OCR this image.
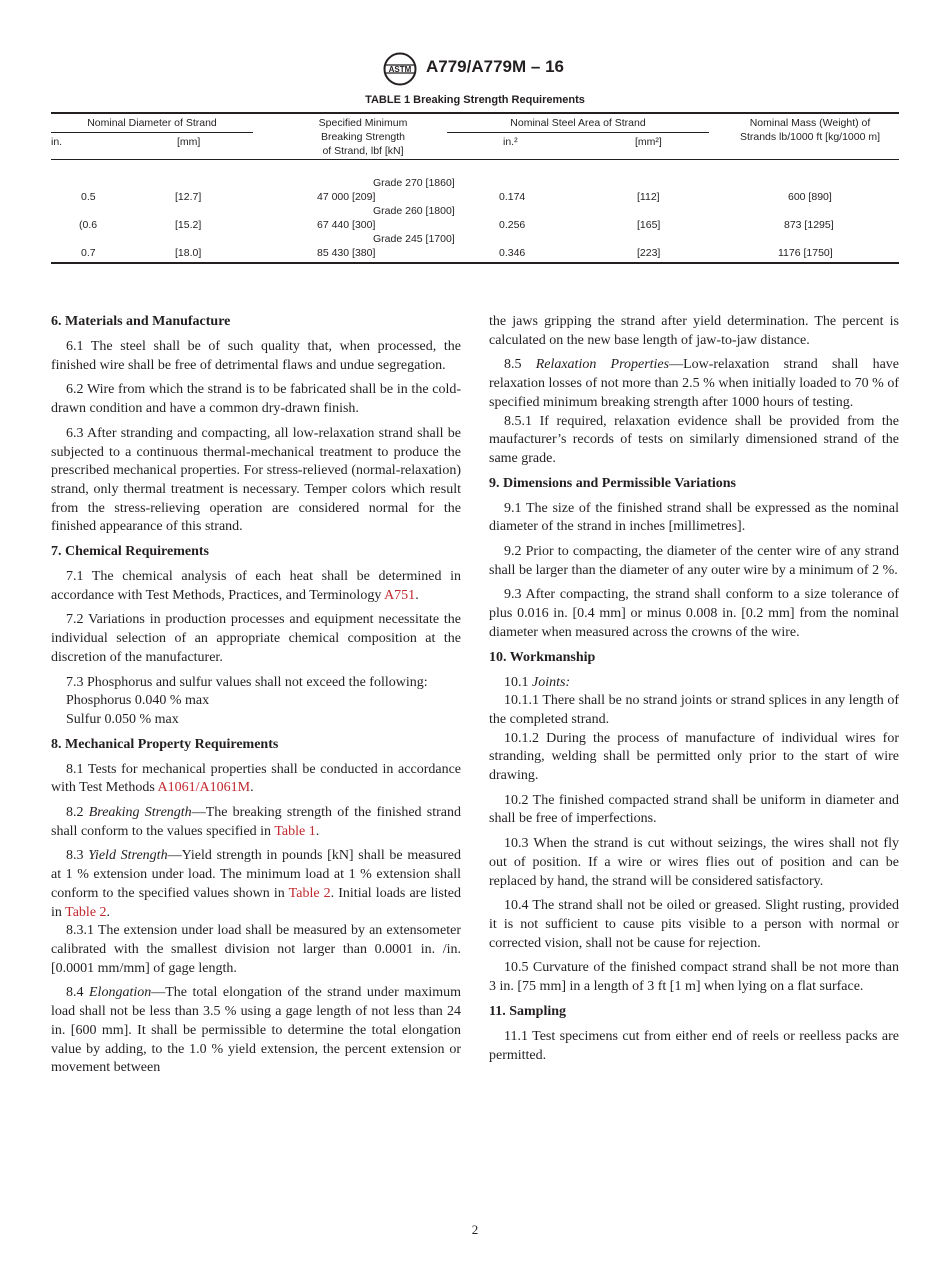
ASTM A779/A779M – 16
TABLE 1 Breaking Strength Requirements
Nominal Diameter of Strand
in.	[mm]
Specified Minimum
Breaking Strength
of Strand, lbf [kN]
Nominal Steel Area of Strand
in.²	[mm²]
Nominal Mass (Weight) of
Strands lb/1000 ft [kg/1000 m]
Grade 270 [1860]
0.5	[12.7]	47 000 [209]	0.174	[112]	600 [890]
Grade 260 [1800]
(0.6	[15.2]	67 440 [300]	0.256	[165]	873 [1295]
Grade 245 [1700]
0.7	[18.0]	85 430 [380]	0.346	[223]	1176 [1750]
6. Materials and Manufacture

6.1 The steel shall be of such quality that, when processed, the finished wire shall be free of detrimental flaws and undue segregation.

6.2 Wire from which the strand is to be fabricated shall be in the cold-drawn condition and have a common dry-drawn finish.

6.3 After stranding and compacting, all low-relaxation strand shall be subjected to a continuous thermal-mechanical treatment to produce the prescribed mechanical properties. For stress-relieved (normal-relaxation) strand, only thermal treatment is necessary. Temper colors which result from the stress-relieving operation are considered normal for the finished appearance of this strand.

7. Chemical Requirements

7.1 The chemical analysis of each heat shall be determined in accordance with Test Methods, Practices, and Terminology A751.

7.2 Variations in production processes and equipment necessitate the individual selection of an appropriate chemical composition at the discretion of the manufacturer.

7.3 Phosphorus and sulfur values shall not exceed the following:

Phosphorus 0.040 % max

Sulfur 0.050 % max

8. Mechanical Property Requirements

8.1 Tests for mechanical properties shall be conducted in accordance with Test Methods A1061/A1061M.

8.2 Breaking Strength—The breaking strength of the finished strand shall conform to the values specified in Table 1.

8.3 Yield Strength—Yield strength in pounds [kN] shall be measured at 1 % extension under load. The minimum load at 1 % extension shall conform to the specified values shown in Table 2. Initial loads are listed in Table 2.

8.3.1 The extension under load shall be measured by an extensometer calibrated with the smallest division not larger than 0.0001 in. /in. [0.0001 mm/mm] of gage length.

8.4 Elongation—The total elongation of the strand under maximum load shall not be less than 3.5 % using a gage length of not less than 24 in. [600 mm]. It shall be permissible to determine the total elongation value by adding, to the 1.0 % yield extension, the percent extension or movement between

the jaws gripping the strand after yield determination. The percent is calculated on the new base length of jaw-to-jaw distance.

8.5 Relaxation Properties—Low-relaxation strand shall have relaxation losses of not more than 2.5 % when initially loaded to 70 % of specified minimum breaking strength after 1000 hours of testing.

8.5.1 If required, relaxation evidence shall be provided from the maufacturer’s records of tests on similarly dimensioned strand of the same grade.

9. Dimensions and Permissible Variations

9.1 The size of the finished strand shall be expressed as the nominal diameter of the strand in inches [millimetres].

9.2 Prior to compacting, the diameter of the center wire of any strand shall be larger than the diameter of any outer wire by a minimum of 2 %.

9.3 After compacting, the strand shall conform to a size tolerance of plus 0.016 in. [0.4 mm] or minus 0.008 in. [0.2 mm] from the nominal diameter when measured across the crowns of the wire.

10. Workmanship

10.1 Joints:

10.1.1 There shall be no strand joints or strand splices in any length of the completed strand.

10.1.2 During the process of manufacture of individual wires for stranding, welding shall be permitted only prior to the start of wire drawing.

10.2 The finished compacted strand shall be uniform in diameter and shall be free of imperfections.

10.3 When the strand is cut without seizings, the wires shall not fly out of position. If a wire or wires flies out of position and can be replaced by hand, the strand will be considered satisfactory.

10.4 The strand shall not be oiled or greased. Slight rusting, provided it is not sufficient to cause pits visible to a person with normal or corrected vision, shall not be cause for rejection.

10.5 Curvature of the finished compact strand shall be not more than 3 in. [75 mm] in a length of 3 ft [1 m] when lying on a flat surface.

11. Sampling

11.1 Test specimens cut from either end of reels or reelless packs are permitted.

2
